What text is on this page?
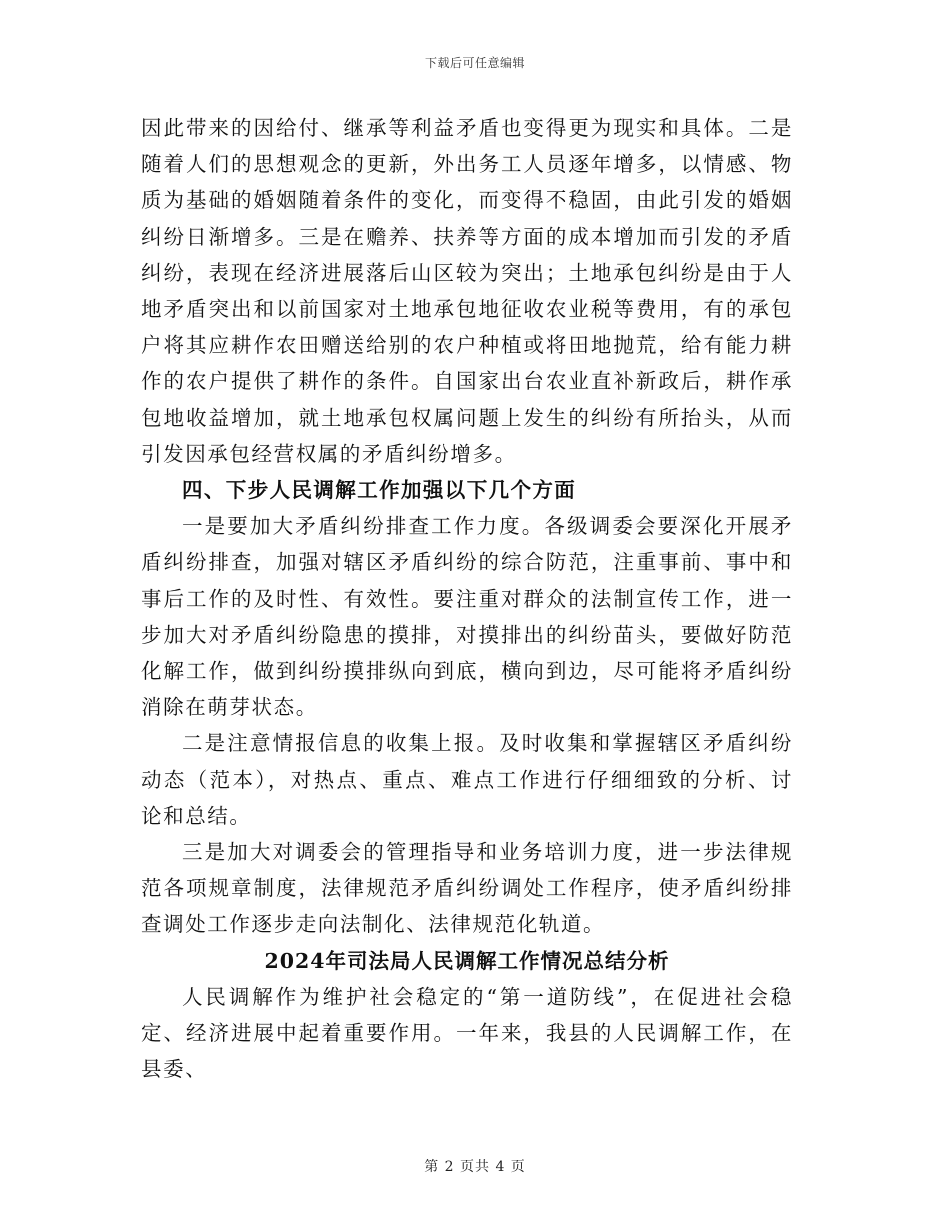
下载后可任意编辑

因此带来的因给付、继承等利益矛盾也变得更为现实和具体。二是随着人们的思想观念的更新，外出务工人员逐年增多，以情感、物质为基础的婚姻随着条件的变化，而变得不稳固，由此引发的婚姻纠纷日渐增多。三是在赡养、扶养等方面的成本增加而引发的矛盾纠纷，表现在经济进展落后山区较为突出；土地承包纠纷是由于人地矛盾突出和以前国家对土地承包地征收农业税等费用，有的承包户将其应耕作农田赠送给别的农户种植或将田地抛荒，给有能力耕作的农户提供了耕作的条件。自国家出台农业直补新政后，耕作承包地收益增加，就土地承包权属问题上发生的纠纷有所抬头，从而引发因承包经营权属的矛盾纠纷增多。

四、下步人民调解工作加强以下几个方面

一是要加大矛盾纠纷排查工作力度。各级调委会要深化开展矛盾纠纷排查，加强对辖区矛盾纠纷的综合防范，注重事前、事中和事后工作的及时性、有效性。要注重对群众的法制宣传工作，进一步加大对矛盾纠纷隐患的摸排，对摸排出的纠纷苗头，要做好防范化解工作，做到纠纷摸排纵向到底，横向到边，尽可能将矛盾纠纷消除在萌芽状态。

二是注意情报信息的收集上报。及时收集和掌握辖区矛盾纠纷动态（范本），对热点、重点、难点工作进行仔细细致的分析、讨论和总结。

三是加大对调委会的管理指导和业务培训力度，进一步法律规范各项规章制度，法律规范矛盾纠纷调处工作程序，使矛盾纠纷排查调处工作逐步走向法制化、法律规范化轨道。

2024年司法局人民调解工作情况总结分析

人民调解作为维护社会稳定的“第一道防线”，在促进社会稳定、经济进展中起着重要作用。一年来，我县的人民调解工作，在县委、

第 2 页共 4 页
